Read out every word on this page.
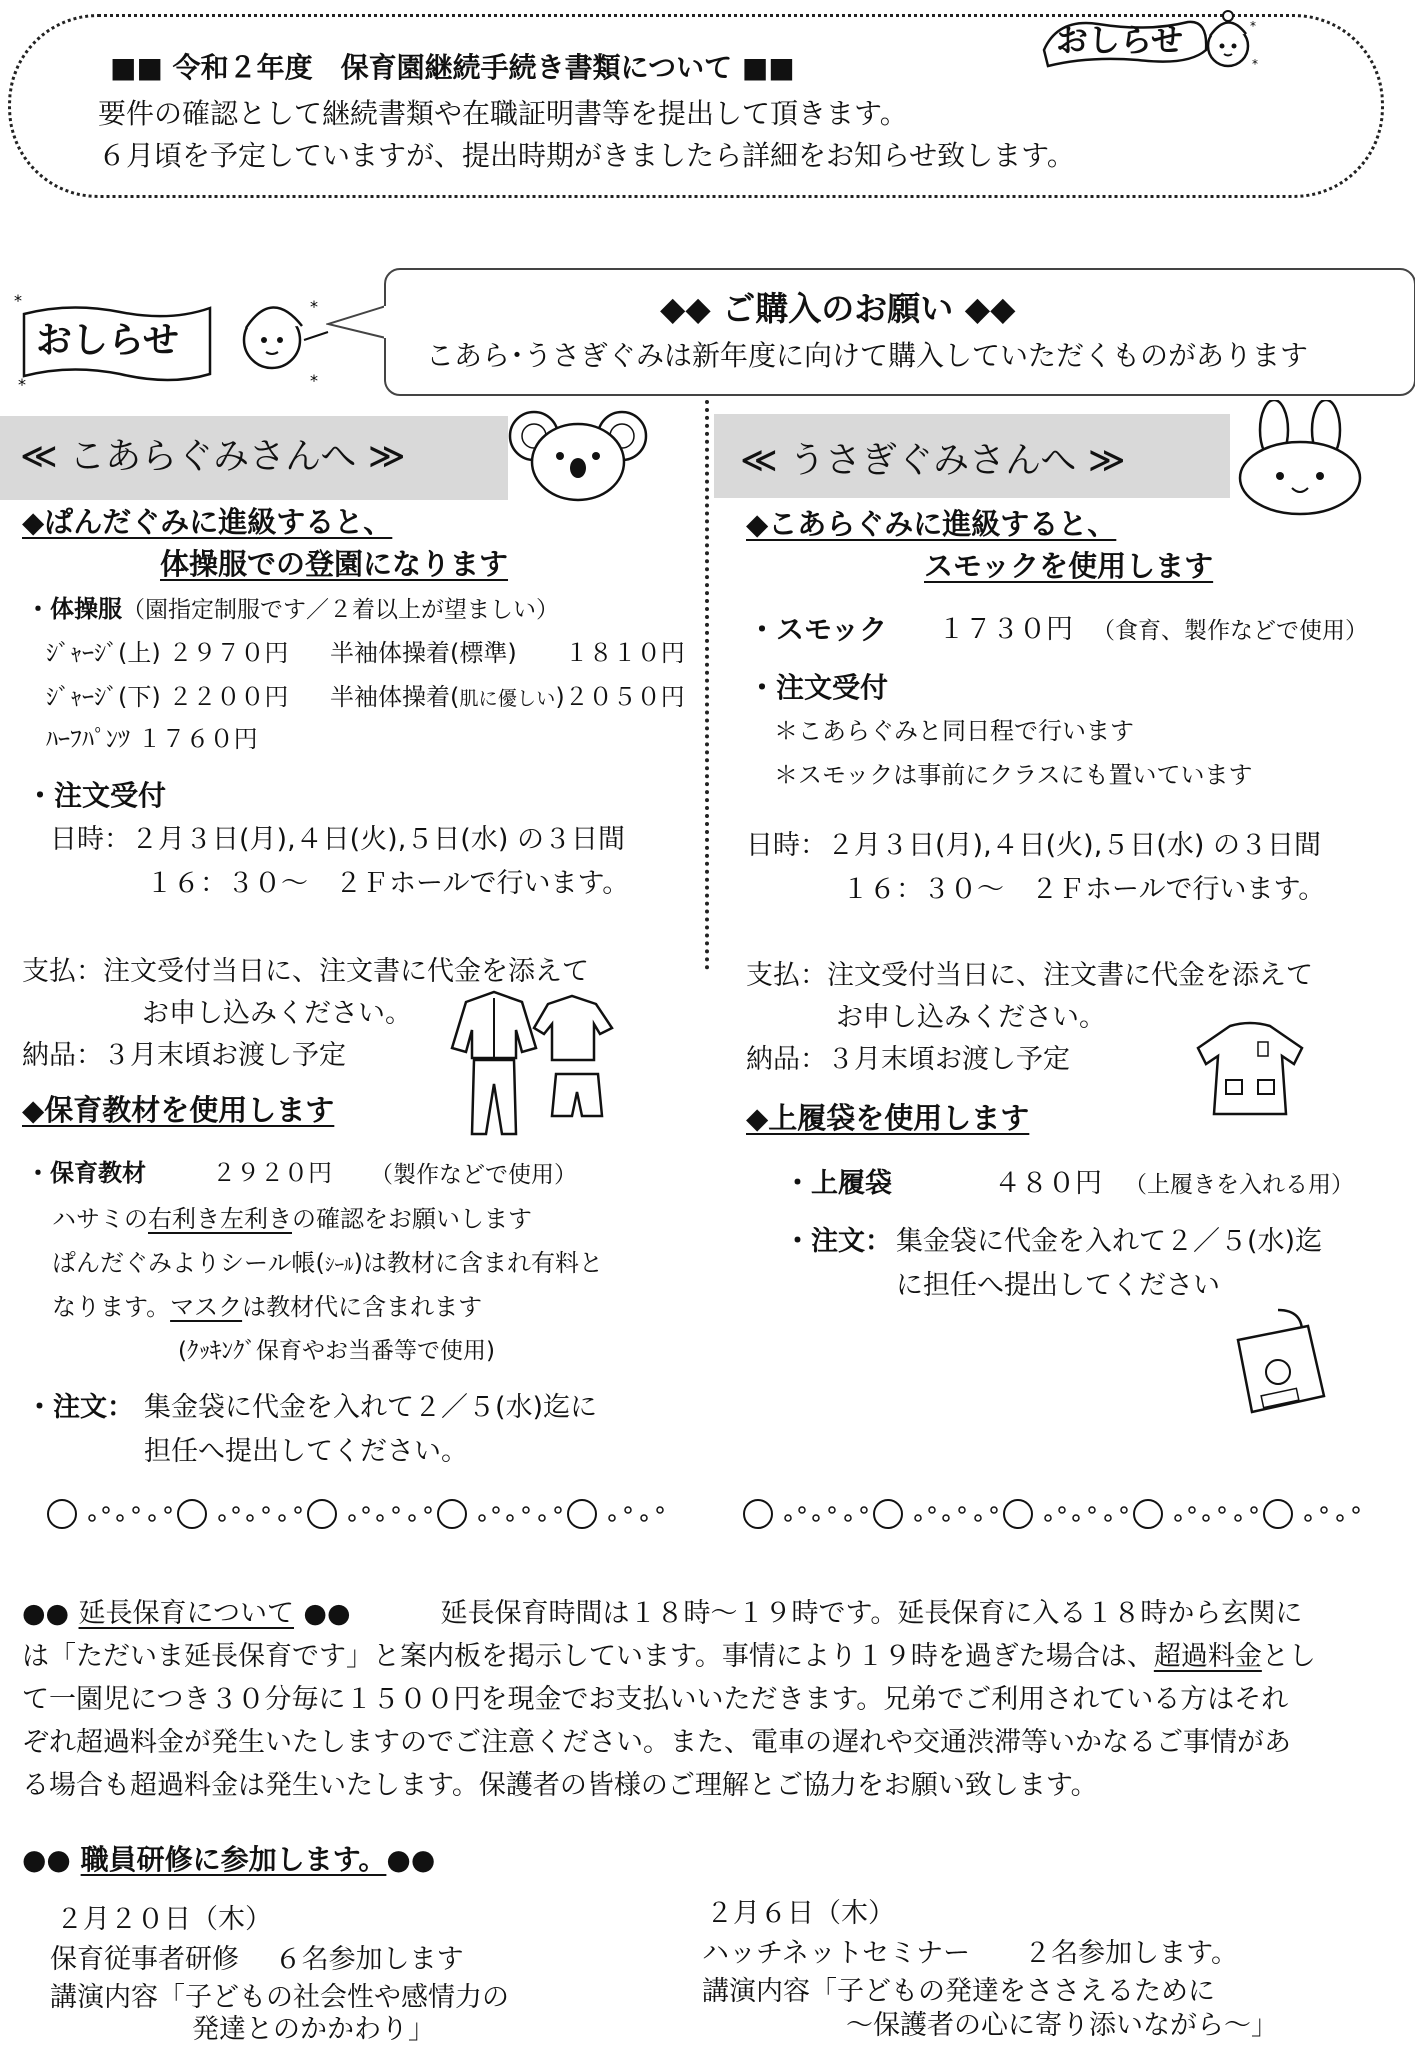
■■ 令和２年度　保育園継続手続き書類について ■■
要件の確認として継続書類や在職証明書等を提出して頂きます。
６月頃を予定していますが、提出時期がきましたら詳細をお知らせ致します。
*
*
おしらせ
*
*
*
*
おしらせ
◆◆ ご購入のお願い ◆◆
こあら･うさぎぐみは新年度に向けて購入していただくものがあります
≪ こあらぐみさんへ ≫
◆ぱんだぐみに進級すると、
体操服での登園になります
・体操服（園指定制服です／２着以上が望ましい）
ｼﾞｬｰｼﾞ(上) ２９７０円 半袖体操着(標準)　　１８１０円
ｼﾞｬｰｼﾞ(下) ２２００円 半袖体操着(肌に優しい)２０５０円
ﾊｰﾌﾊﾟﾝﾂ １７６０円
・注文受付
日時：２月３日(月),４日(火),５日(水) の３日間
１６：３０～　２Ｆホールで行います。
支払：注文受付当日に、注文書に代金を添えて
お申し込みください。
納品：３月末頃お渡し予定
◆保育教材を使用します
・保育教材	２９２０円 （製作などで使用）
ハサミの右利き左利きの確認をお願いします
ぱんだぐみよりシール帳(ｼｰﾙ)は教材に含まれ有料と
なります。マスクは教材代に含まれます
(ｸｯｷﾝｸﾞ保育やお当番等で使用)
・注文： 集金袋に代金を入れて２／５(水)迄に
担任へ提出してください。
≪ うさぎぐみさんへ ≫
◆こあらぐみに進級すると、
スモックを使用します
・スモック １７３０円 （食育、製作などで使用）
・注文受付
＊こあらぐみと同日程で行います
＊スモックは事前にクラスにも置いています
日時：２月３日(月),４日(火),５日(水) の３日間
１６：３０～　２Ｆホールで行います。
支払：注文受付当日に、注文書に代金を添えて
お申し込みください。
納品：３月末頃お渡し予定
◆上履袋を使用します
・上履袋	４８０円 （上履きを入れる用）
・注文： 集金袋に代金を入れて２／５(水)迄
に担任へ提出してください
●● 延長保育について ●●	延長保育時間は１８時～１９時です。延長保育に入る１８時から玄関に
は「ただいま延長保育です」と案内板を掲示しています。事情により１９時を過ぎた場合は、超過料金とし
て一園児につき３０分毎に１５００円を現金でお支払いいただきます。兄弟でご利用されている方はそれ
ぞれ超過料金が発生いたしますのでご注意ください。また、電車の遅れや交通渋滞等いかなるご事情があ
る場合も超過料金は発生いたします。保護者の皆様のご理解とご協力をお願い致します。
●● 職員研修に参加します。●●
２月２０日（木）
保育従事者研修　 ６名参加します
講演内容「子どもの社会性や感情力の
発達とのかかわり」
２月６日（木）
ハッチネットセミナー　　２名参加します。
講演内容「子どもの発達をささえるために
～保護者の心に寄り添いながら～」
